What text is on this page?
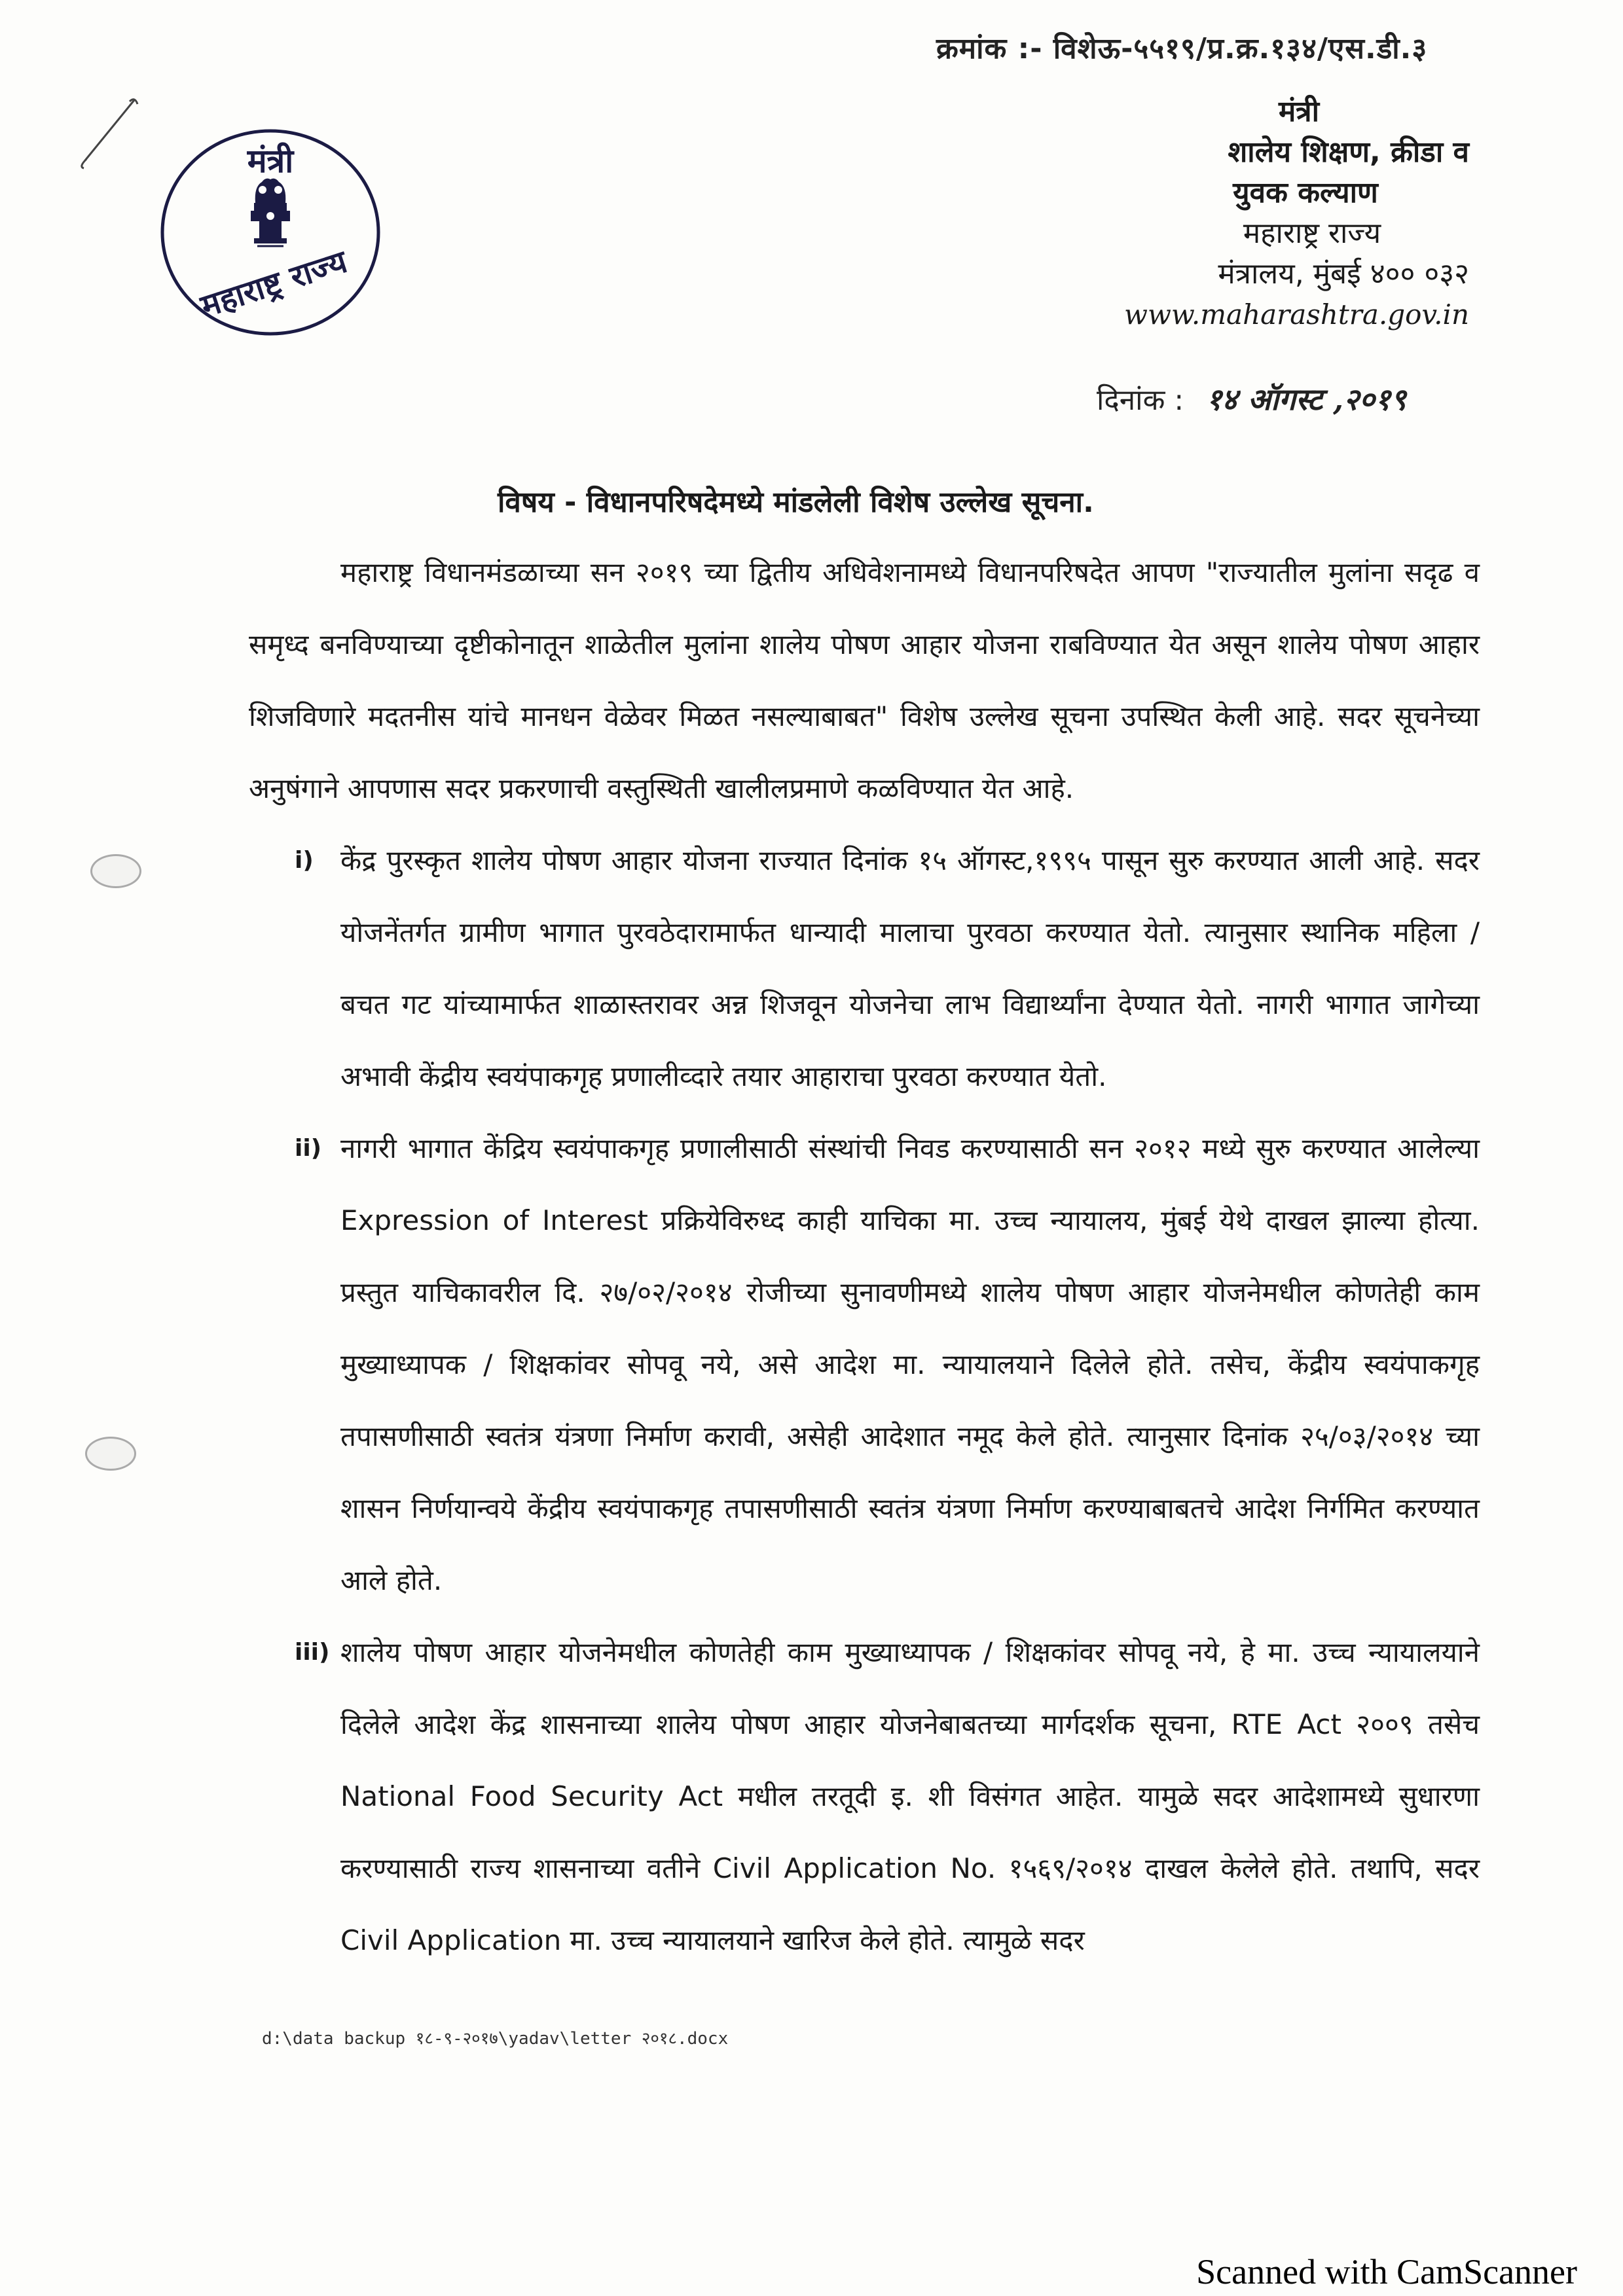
क्रमांक :- विशेऊ-५५१९/प्र.क्र.१३४/एस.डी.३
मंत्री
महाराष्ट्र राज्य
मंत्री
शालेय शिक्षण, क्रीडा व
युवक कल्याण
महाराष्ट्र राज्य
मंत्रालय, मुंबई ४०० ०३२
www.maharashtra.gov.in
दिनांक : १४ ऑगस्ट ,२०१९
विषय - विधानपरिषदेमध्ये मांडलेली विशेष उल्लेख सूचना.

महाराष्ट्र विधानमंडळाच्या सन २०१९ च्या द्वितीय अधिवेशनामध्ये विधानपरिषदेत आपण "राज्यातील मुलांना सदृढ व समृध्द बनविण्याच्या दृष्टीकोनातून शाळेतील मुलांना शालेय पोषण आहार योजना राबविण्यात येत असून शालेय पोषण आहार शिजविणारे मदतनीस यांचे मानधन वेळेवर मिळत नसल्याबाबत" विशेष उल्लेख सूचना उपस्थित केली आहे. सदर सूचनेच्या अनुषंगाने आपणास सदर प्रकरणाची वस्तुस्थिती खालीलप्रमाणे कळविण्यात येत आहे.

i) केंद्र पुरस्कृत शालेय पोषण आहार योजना राज्यात दिनांक १५ ऑगस्ट,१९९५ पासून सुरु करण्यात आली आहे. सदर योजनेंतर्गत ग्रामीण भागात पुरवठेदारामार्फत धान्यादी मालाचा पुरवठा करण्यात येतो. त्यानुसार स्थानिक महिला / बचत गट यांच्यामार्फत शाळास्तरावर अन्न शिजवून योजनेचा लाभ विद्यार्थ्यांना देण्यात येतो. नागरी भागात जागेच्या अभावी केंद्रीय स्वयंपाकगृह प्रणालीव्दारे तयार आहाराचा पुरवठा करण्यात येतो.

ii) नागरी भागात केंद्रिय स्वयंपाकगृह प्रणालीसाठी संस्थांची निवड करण्यासाठी सन २०१२ मध्ये सुरु करण्यात आलेल्या Expression of Interest प्रक्रियेविरुध्द काही याचिका मा. उच्च न्यायालय, मुंबई येथे दाखल झाल्या होत्या. प्रस्तुत याचिकावरील दि. २७/०२/२०१४ रोजीच्या सुनावणीमध्ये शालेय पोषण आहार योजनेमधील कोणतेही काम मुख्याध्यापक / शिक्षकांवर सोपवू नये, असे आदेश मा. न्यायालयाने दिलेले होते. तसेच, केंद्रीय स्वयंपाकगृह तपासणीसाठी स्वतंत्र यंत्रणा निर्माण करावी, असेही आदेशात नमूद केले होते. त्यानुसार दिनांक २५/०३/२०१४ च्या शासन निर्णयान्वये केंद्रीय स्वयंपाकगृह तपासणीसाठी स्वतंत्र यंत्रणा निर्माण करण्याबाबतचे आदेश निर्गमित करण्यात आले होते.

iii) शालेय पोषण आहार योजनेमधील कोणतेही काम मुख्याध्यापक / शिक्षकांवर सोपवू नये, हे मा. उच्च न्यायालयाने दिलेले आदेश केंद्र शासनाच्या शालेय पोषण आहार योजनेबाबतच्या मार्गदर्शक सूचना, RTE Act २००९ तसेच National Food Security Act मधील तरतूदी इ. शी विसंगत आहेत. यामुळे सदर आदेशामध्ये सुधारणा करण्यासाठी राज्य शासनाच्या वतीने Civil Application No. १५६९/२०१४ दाखल केलेले होते. तथापि, सदर Civil Application मा. उच्च न्यायालयाने खारिज केले होते. त्यामुळे सदर

d:\data backup १८-९-२०१७\yadav\letter २०१८.docx
Scanned with CamScanner
